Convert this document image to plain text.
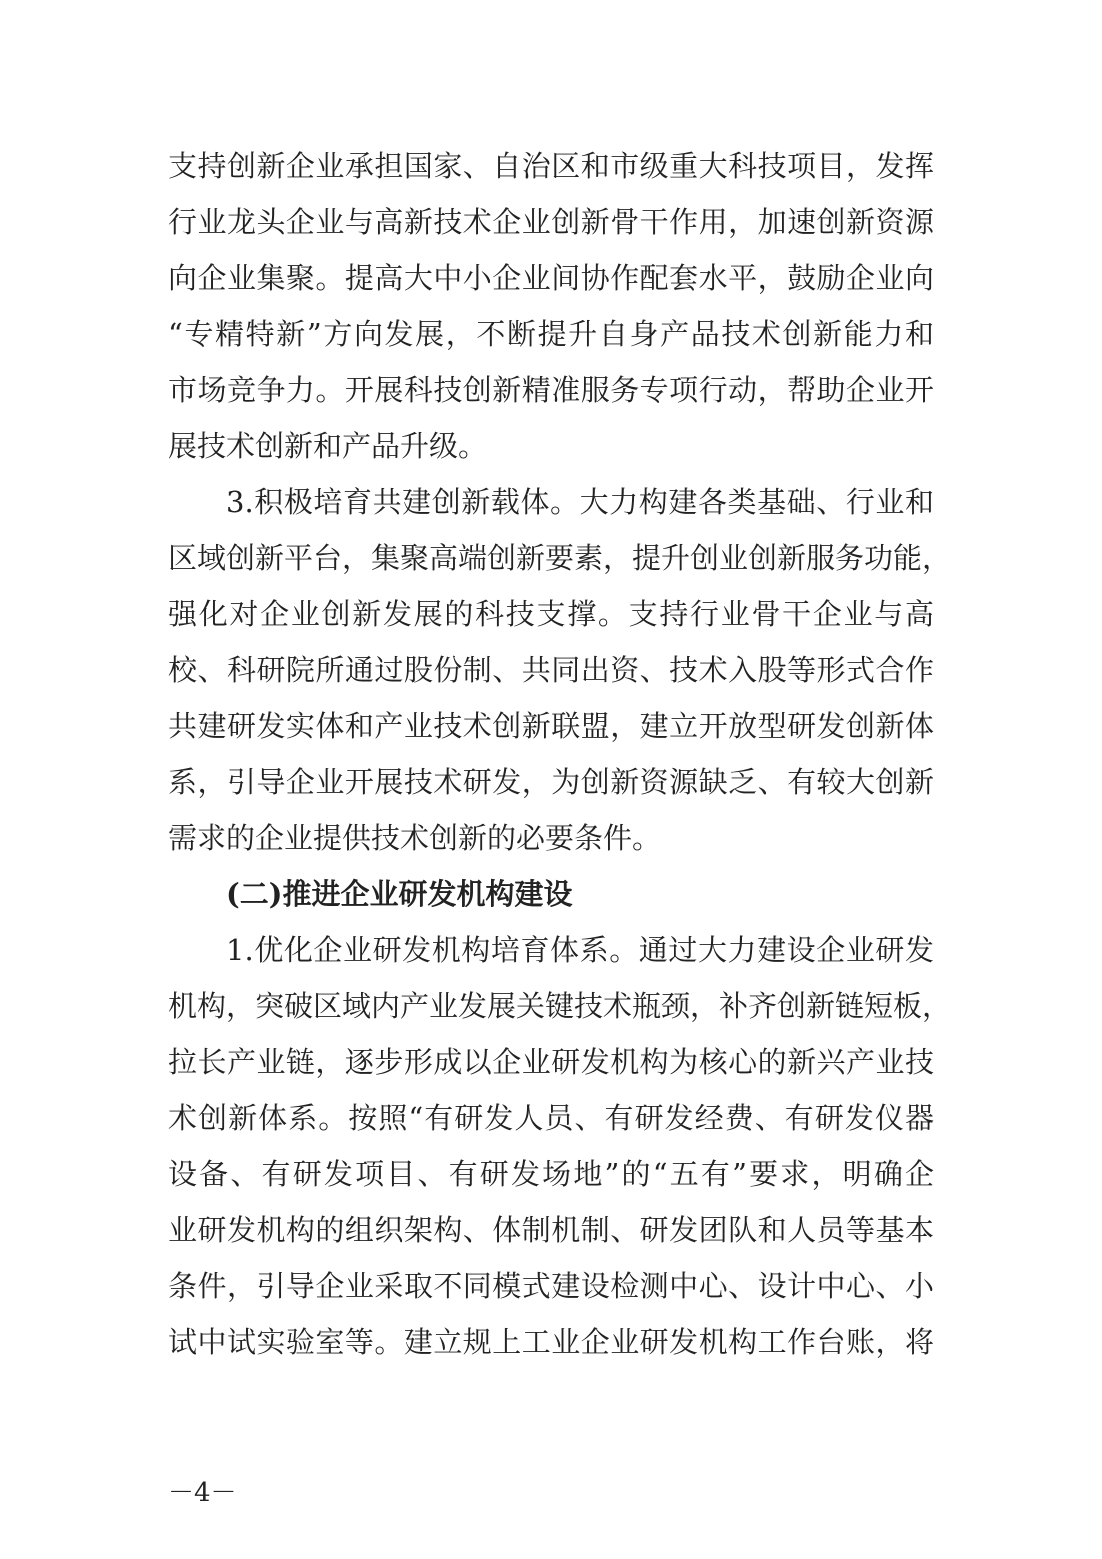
支持创新企业承担国家、自治区和市级重大科技项目，发挥
行业龙头企业与高新技术企业创新骨干作用，加速创新资源
向企业集聚。提高大中小企业间协作配套水平，鼓励企业向
“专精特新”方向发展，不断提升自身产品技术创新能力和
市场竞争力。开展科技创新精准服务专项行动，帮助企业开
展技术创新和产品升级。
3.积极培育共建创新载体。大力构建各类基础、行业和
区域创新平台，集聚高端创新要素，提升创业创新服务功能，
强化对企业创新发展的科技支撑。支持行业骨干企业与高
校、科研院所通过股份制、共同出资、技术入股等形式合作
共建研发实体和产业技术创新联盟，建立开放型研发创新体
系，引导企业开展技术研发，为创新资源缺乏、有较大创新
需求的企业提供技术创新的必要条件。
(二)推进企业研发机构建设
1.优化企业研发机构培育体系。通过大力建设企业研发
机构，突破区域内产业发展关键技术瓶颈，补齐创新链短板，
拉长产业链，逐步形成以企业研发机构为核心的新兴产业技
术创新体系。按照“有研发人员、有研发经费、有研发仪器
设备、有研发项目、有研发场地”的“五有”要求，明确企
业研发机构的组织架构、体制机制、研发团队和人员等基本
条件，引导企业采取不同模式建设检测中心、设计中心、小
试中试实验室等。建立规上工业企业研发机构工作台账，将
－4－
